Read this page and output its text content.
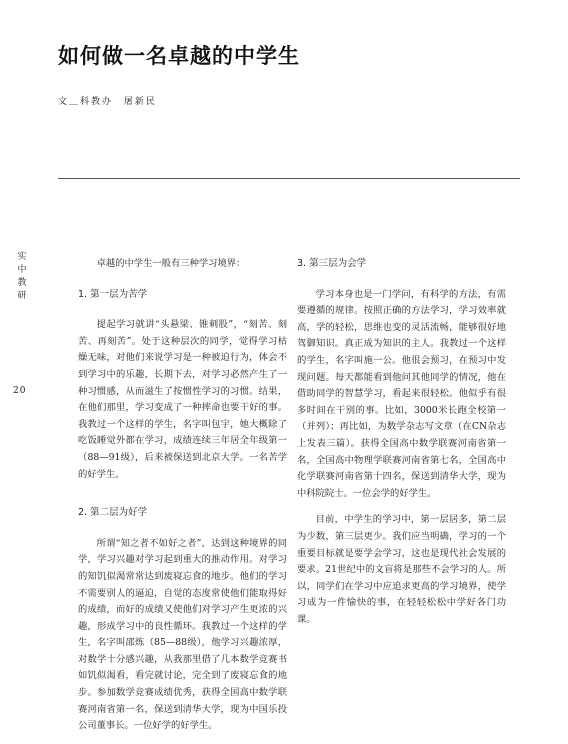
如何做一名卓越的中学生
文＿科教办 屠新民
实
中
教
研
20

卓越的中学生一般有三种学习境界：

1. 第一层为苦学

提起学习就讲“头悬梁、锥刺股”，“刻苦、刻苦、再刻苦”。处于这种层次的同学，觉得学习枯燥无味，对他们来说学习是一种被迫行为，体会不到学习中的乐趣，长期下去，对学习必然产生了一种习惯感，从而滋生了按惯性学习的习惯。结果，在他们那里，学习变成了一种摔命也要干好的事。我教过一个这样的学生，名字叫包宇，她大概除了吃饭睡觉外都在学习，成绩连续三年居全年级第一（88—91级），后来被保送到北京大学。一名苦学的好学生。

2. 第二层为好学

所谓“知之者不如好之者”，达到这种境界的同学，学习兴趣对学习起到重大的推动作用。对学习的知饥似渴常常达到废寝忘食的地步。他们的学习不需要别人的逼迫，自觉的态度常使他们能取得好的成绩，而好的成绩又使他们对学习产生更浓的兴趣，形成学习中的良性循环。我教过一个这样的学生，名字叫邵炼（85—88级），他学习兴趣浓厚，对数学十分感兴趣，从我那里借了几本数学竞赛书如饥似渴看，看完就讨论，完全到了废寝忘食的地步。参加数学竞赛成绩优秀，获得全国高中数学联赛河南省第一名，保送到清华大学，现为中国乐投公司董事长。一位好学的好学生。

3. 第三层为会学

学习本身也是一门学问，有科学的方法，有需要遵循的规律。按照正确的方法学习，学习效率就高，学的轻松，思维也变的灵活流畅，能够很好地驾御知识。真正成为知识的主人。我教过一个这样的学生，名字叫施一公。他很会预习，在预习中发现问题。每天都能看到他问其他同学的情况，他在借助同学的智慧学习，看起来很轻松。他似乎有很多时间在干别的事。比如，3000米长跑全校第一（并列）；再比如，为数学杂志写文章（在CN杂志上发表三篇）。获得全国高中数学联赛河南省第一名，全国高中物理学联赛河南省第七名，全国高中化学联赛河南省第十四名，保送到清华大学，现为中科院院士。一位会学的好学生。

目前，中学生的学习中，第一层居多，第二层为少数，第三层更少。我们应当明确，学习的一个重要目标就是要学会学习，这也是现代社会发展的要求。21世纪中的文盲将是那些不会学习的人。所以，同学们在学习中应追求更高的学习境界，使学习成为一件愉快的事，在轻轻松松中学好各门功课。
